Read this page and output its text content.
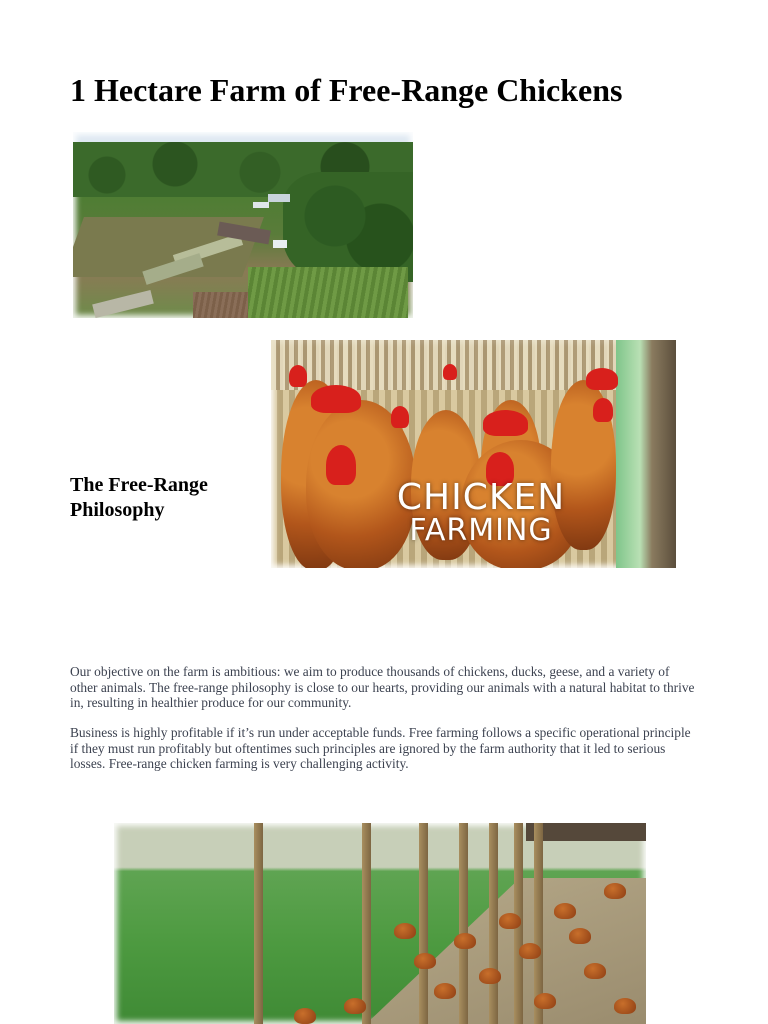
1 Hectare Farm of Free-Range Chickens
The Free-Range
Philosophy	CHICKEN
FARMING

Our objective on the farm is ambitious: we aim to produce thousands of chickens, ducks, geese, and a variety of other animals. The free-range philosophy is close to our hearts, providing our animals with a natural habitat to thrive in, resulting in healthier produce for our community.

Business is highly profitable if it’s run under acceptable funds. Free farming follows a specific operational principle if they must run profitably but oftentimes such principles are ignored by the farm authority that it led to serious losses. Free-range chicken farming is very challenging activity.
